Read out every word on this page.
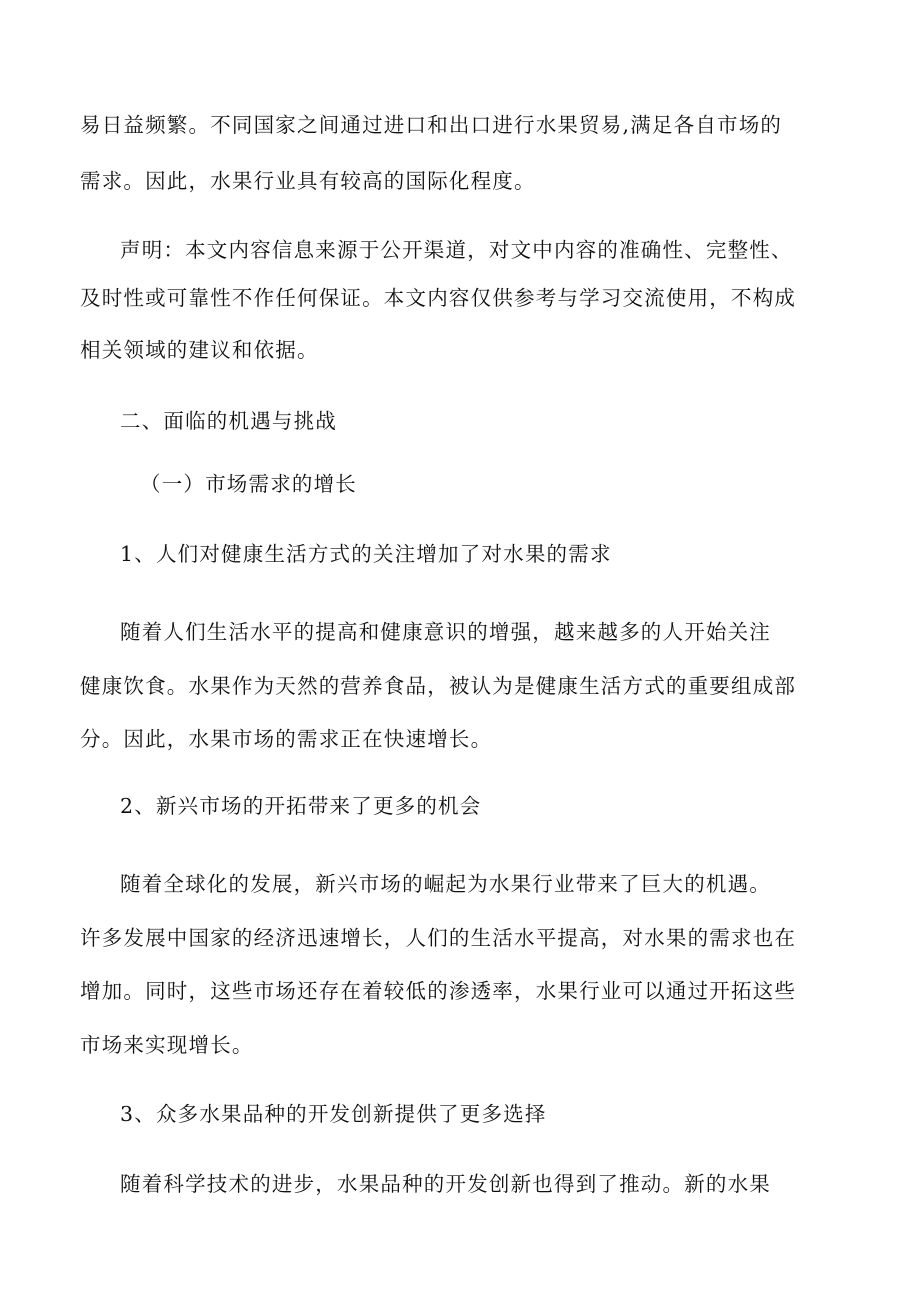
易日益频繁。不同国家之间通过进口和出口进行水果贸易,满足各自市场的
需求。因此，水果行业具有较高的国际化程度。
声明：本文内容信息来源于公开渠道，对文中内容的准确性、完整性、
及时性或可靠性不作任何保证。本文内容仅供参考与学习交流使用，不构成
相关领域的建议和依据。
二、面临的机遇与挑战
（一）市场需求的增长
1、人们对健康生活方式的关注增加了对水果的需求
随着人们生活水平的提高和健康意识的增强，越来越多的人开始关注
健康饮食。水果作为天然的营养食品，被认为是健康生活方式的重要组成部
分。因此，水果市场的需求正在快速增长。
2、新兴市场的开拓带来了更多的机会
随着全球化的发展，新兴市场的崛起为水果行业带来了巨大的机遇。
许多发展中国家的经济迅速增长，人们的生活水平提高，对水果的需求也在
增加。同时，这些市场还存在着较低的渗透率，水果行业可以通过开拓这些
市场来实现增长。
3、众多水果品种的开发创新提供了更多选择
随着科学技术的进步，水果品种的开发创新也得到了推动。新的水果
